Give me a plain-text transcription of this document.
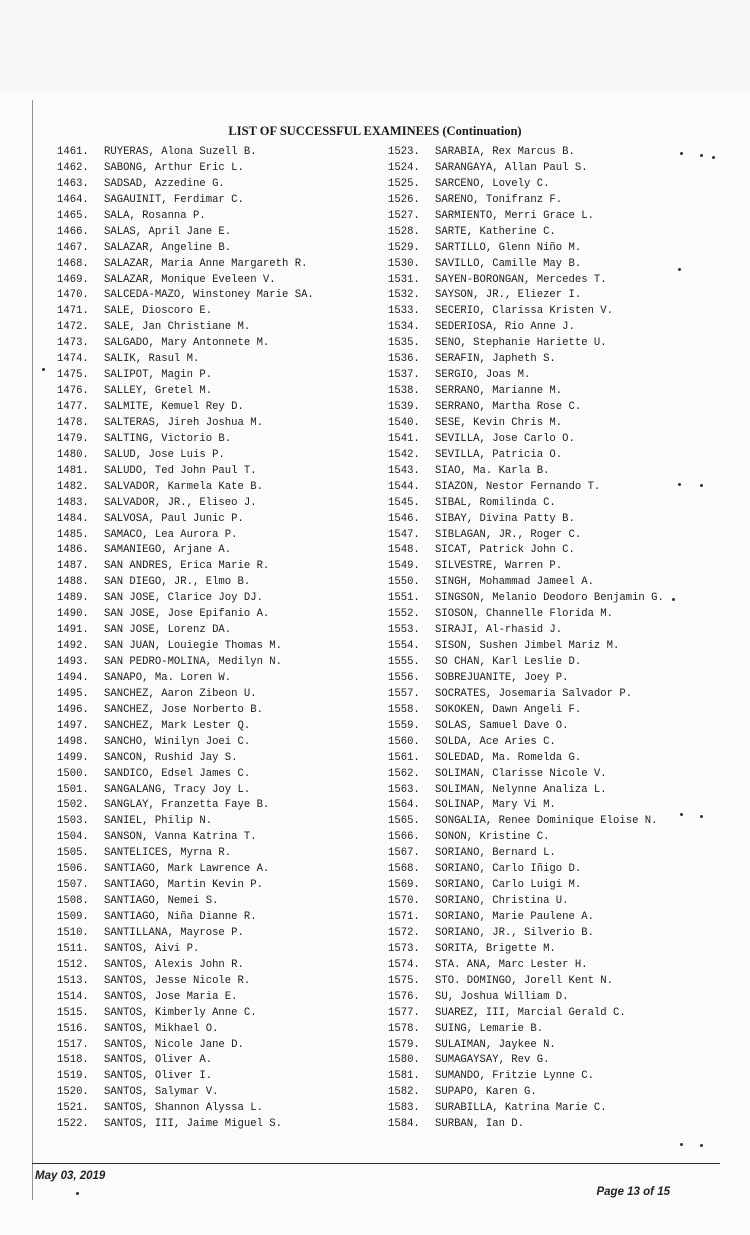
LIST OF SUCCESSFUL EXAMINEES (Continuation)
1461. RUYERAS, Alona Suzell B.
1462. SABONG, Arthur Eric L.
1463. SADSAD, Azzedine G.
1464. SAGAUINIT, Ferdimar C.
1465. SALA, Rosanna P.
1466. SALAS, April Jane E.
1467. SALAZAR, Angeline B.
1468. SALAZAR, Maria Anne Margareth R.
1469. SALAZAR, Monique Eveleen V.
1470. SALCEDA-MAZO, Winstoney Marie SA.
1471. SALE, Dioscoro E.
1472. SALE, Jan Christiane M.
1473. SALGADO, Mary Antonnete M.
1474. SALIK, Rasul M.
1475. SALIPOT, Magin P.
1476. SALLEY, Gretel M.
1477. SALMITE, Kemuel Rey D.
1478. SALTERAS, Jireh Joshua M.
1479. SALTING, Victorio B.
1480. SALUD, Jose Luis P.
1481. SALUDO, Ted John Paul T.
1482. SALVADOR, Karmela Kate B.
1483. SALVADOR, JR., Eliseo J.
1484. SALVOSA, Paul Junic P.
1485. SAMACO, Lea Aurora P.
1486. SAMANIEGO, Arjane A.
1487. SAN ANDRES, Erica Marie R.
1488. SAN DIEGO, JR., Elmo B.
1489. SAN JOSE, Clarice Joy DJ.
1490. SAN JOSE, Jose Epifanio A.
1491. SAN JOSE, Lorenz DA.
1492. SAN JUAN, Louiegie Thomas M.
1493. SAN PEDRO-MOLINA, Medilyn N.
1494. SANAPO, Ma. Loren W.
1495. SANCHEZ, Aaron Zibeon U.
1496. SANCHEZ, Jose Norberto B.
1497. SANCHEZ, Mark Lester Q.
1498. SANCHO, Winilyn Joei C.
1499. SANCON, Rushid Jay S.
1500. SANDICO, Edsel James C.
1501. SANGALANG, Tracy Joy L.
1502. SANGLAY, Franzetta Faye B.
1503. SANIEL, Philip N.
1504. SANSON, Vanna Katrina T.
1505. SANTELICES, Myrna R.
1506. SANTIAGO, Mark Lawrence A.
1507. SANTIAGO, Martin Kevin P.
1508. SANTIAGO, Nemei S.
1509. SANTIAGO, Niña Dianne R.
1510. SANTILLANA, Mayrose P.
1511. SANTOS, Aivi P.
1512. SANTOS, Alexis John R.
1513. SANTOS, Jesse Nicole R.
1514. SANTOS, Jose Maria E.
1515. SANTOS, Kimberly Anne C.
1516. SANTOS, Mikhael O.
1517. SANTOS, Nicole Jane D.
1518. SANTOS, Oliver A.
1519. SANTOS, Oliver I.
1520. SANTOS, Salymar V.
1521. SANTOS, Shannon Alyssa L.
1522. SANTOS, III, Jaime Miguel S.
1523. SARABIA, Rex Marcus B.
1524. SARANGAYA, Allan Paul S.
1525. SARCENO, Lovely C.
1526. SARENO, Tonifranz F.
1527. SARMIENTO, Merri Grace L.
1528. SARTE, Katherine C.
1529. SARTILLO, Glenn Niño M.
1530. SAVILLO, Camille May B.
1531. SAYEN-BORONGAN, Mercedes T.
1532. SAYSON, JR., Eliezer I.
1533. SECERIO, Clarissa Kristen V.
1534. SEDERIOSA, Rio Anne J.
1535. SENO, Stephanie Hariette U.
1536. SERAFIN, Japheth S.
1537. SERGIO, Joas M.
1538. SERRANO, Marianne M.
1539. SERRANO, Martha Rose C.
1540. SESE, Kevin Chris M.
1541. SEVILLA, Jose Carlo O.
1542. SEVILLA, Patricia O.
1543. SIAO, Ma. Karla B.
1544. SIAZON, Nestor Fernando T.
1545. SIBAL, Romilinda C.
1546. SIBAY, Divina Patty B.
1547. SIBLAGAN, JR., Roger C.
1548. SICAT, Patrick John C.
1549. SILVESTRE, Warren P.
1550. SINGH, Mohammad Jameel A.
1551. SINGSON, Melanio Deodoro Benjamin G.
1552. SIOSON, Channelle Florida M.
1553. SIRAJI, Al-rhasid J.
1554. SISON, Sushen Jimbel Mariz M.
1555. SO CHAN, Karl Leslie D.
1556. SOBREJUANITE, Joey P.
1557. SOCRATES, Josemaria Salvador P.
1558. SOKOKEN, Dawn Angeli F.
1559. SOLAS, Samuel Dave O.
1560. SOLDA, Ace Aries C.
1561. SOLEDAD, Ma. Romelda G.
1562. SOLIMAN, Clarisse Nicole V.
1563. SOLIMAN, Nelynne Analiza L.
1564. SOLINAP, Mary Vi M.
1565. SONGALIA, Renee Dominique Eloise N.
1566. SONON, Kristine C.
1567. SORIANO, Bernard L.
1568. SORIANO, Carlo Iñigo D.
1569. SORIANO, Carlo Luigi M.
1570. SORIANO, Christina U.
1571. SORIANO, Marie Paulene A.
1572. SORIANO, JR., Silverio B.
1573. SORITA, Brigette M.
1574. STA. ANA, Marc Lester H.
1575. STO. DOMINGO, Jorell Kent N.
1576. SU, Joshua William D.
1577. SUAREZ, III, Marcial Gerald C.
1578. SUING, Lemarie B.
1579. SULAIMAN, Jaykee N.
1580. SUMAGAYSAY, Rev G.
1581. SUMANDO, Fritzie Lynne C.
1582. SUPAPO, Karen G.
1583. SURABILLA, Katrina Marie C.
1584. SURBAN, Ian D.
May 03, 2019
Page 13 of 15
